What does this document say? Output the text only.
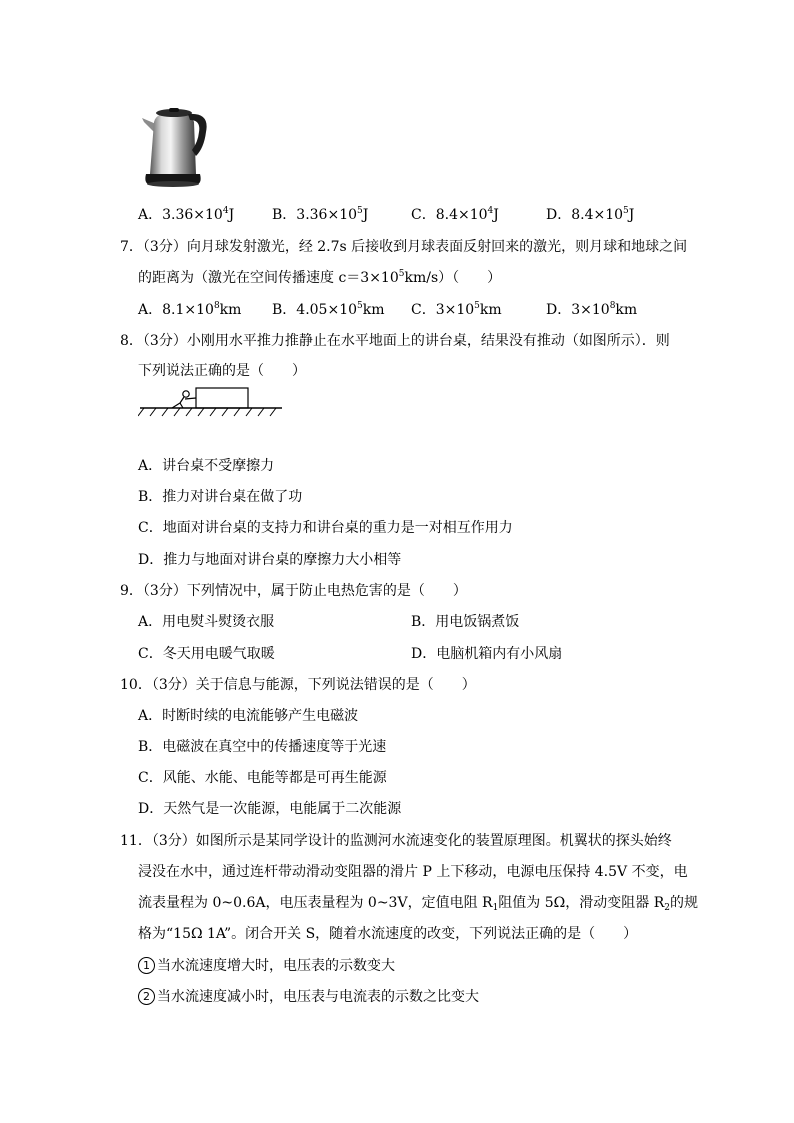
A．$3.36\times 10^4J$	B．$3.36\times 10^5J$	C．$8.4\times 10^4J$	D．$8.4\times 10^5J$
7．（3分）向月球发射激光，经 2.7s 后接收到月球表面反射回来的激光，则月球和地球之间
的距离为（激光在空间传播速度 $c=3\times 10^5km/s$）（　　）
A．$8.1\times 10^8km$ B．$4.05\times 10^5km$ C．$3\times 10^5km$	D．$3\times 10^8km$
8．（3分）小刚用水平推力推静止在水平地面上的讲台桌，结果没有推动（如图所示）．则
下列说法正确的是（　　）
A．讲台桌不受摩擦力
B．推力对讲台桌在做了功
C．地面对讲台桌的支持力和讲台桌的重力是一对相互作用力
D．推力与地面对讲台桌的摩擦力大小相等
9．（3分）下列情况中，属于防止电热危害的是（　　）
A．用电熨斗熨烫衣服	B．用电饭锅煮饭
C．冬天用电暖气取暖	D．电脑机箱内有小风扇
10．（3分）关于信息与能源，下列说法错误的是（　　）
A．时断时续的电流能够产生电磁波
B．电磁波在真空中的传播速度等于光速
C．风能、水能、电能等都是可再生能源
D．天然气是一次能源，电能属于二次能源
11．（3分）如图所示是某同学设计的监测河水流速变化的装置原理图。机翼状的探头始终
浸没在水中，通过连杆带动滑动变阻器的滑片 P 上下移动，电源电压保持 4.5V 不变，电
流表量程为 0~0.6A，电压表量程为 0~3V，定值电阻 $R_1$阻值为 5Ω，滑动变阻器 $R_2$的规
格为“15Ω 1A”。闭合开关 S，随着水流速度的改变，下列说法正确的是（　　）
1 当水流速度增大时，电压表的示数变大
2 当水流速度减小时，电压表与电流表的示数之比变大
